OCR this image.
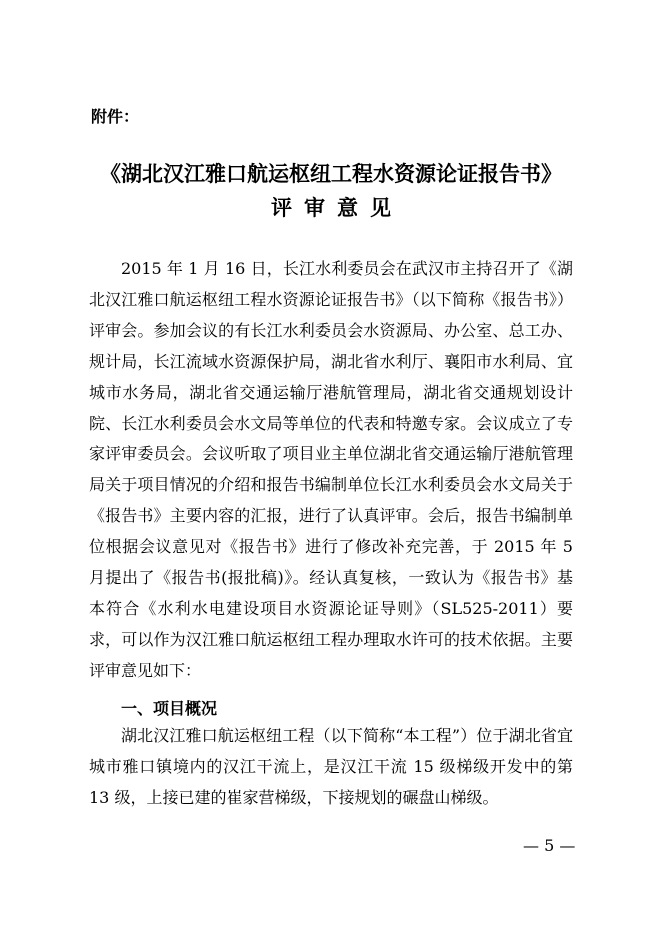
附件：
《湖北汉江雅口航运枢纽工程水资源论证报告书》
评审意见
2015 年 1 月 16 日，长江水利委员会在武汉市主持召开了《湖北汉江雅口航运枢纽工程水资源论证报告书》（以下简称《报告书》）评审会。参加会议的有长江水利委员会水资源局、办公室、总工办、规计局，长江流域水资源保护局，湖北省水利厅、襄阳市水利局、宜城市水务局，湖北省交通运输厅港航管理局，湖北省交通规划设计院、长江水利委员会水文局等单位的代表和特邀专家。会议成立了专家评审委员会。会议听取了项目业主单位湖北省交通运输厅港航管理局关于项目情况的介绍和报告书编制单位长江水利委员会水文局关于《报告书》主要内容的汇报，进行了认真评审。会后，报告书编制单位根据会议意见对《报告书》进行了修改补充完善，于 2015 年 5 月提出了《报告书(报批稿)》。经认真复核，一致认为《报告书》基本符合《水利水电建设项目水资源论证导则》（SL525-2011）要求，可以作为汉江雅口航运枢纽工程办理取水许可的技术依据。主要评审意见如下：
一、项目概况
湖北汉江雅口航运枢纽工程（以下简称“本工程”）位于湖北省宜城市雅口镇境内的汉江干流上，是汉江干流 15 级梯级开发中的第 13 级，上接已建的崔家营梯级，下接规划的碾盘山梯级。
— 5 —
